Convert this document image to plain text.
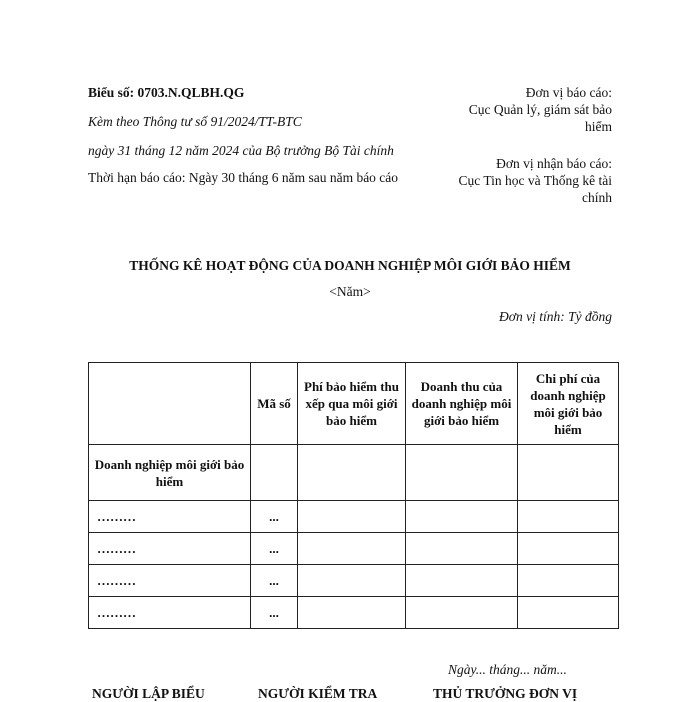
Biểu số: 0703.N.QLBH.QG

Kèm theo Thông tư số 91/2024/TT-BTC

ngày 31 tháng 12 năm 2024 của Bộ trưởng Bộ Tài chính

Thời hạn báo cáo: Ngày 30 tháng 6 năm sau năm báo cáo

Đơn vị báo cáo:

Cục Quản lý, giám sát bảo hiểm

Đơn vị nhận báo cáo:

Cục Tin học và Thống kê tài chính

THỐNG KÊ HOẠT ĐỘNG CỦA DOANH NGHIỆP MÔI GIỚI BẢO HIỂM
<Năm>
Đơn vị tính: Tỷ đồng
	Mã số	Phí bảo hiểm thu xếp qua môi giới bảo hiểm	Doanh thu của doanh nghiệp môi giới bảo hiểm	Chi phí của doanh nghiệp môi giới bảo hiểm
Doanh nghiệp môi giới bảo hiểm				
………	...			
………	...			
………	...			
………	...			
Ngày... tháng... năm...
NGƯỜI LẬP BIỂU	NGƯỜI KIỂM TRA	THỦ TRƯỞNG ĐƠN VỊ
